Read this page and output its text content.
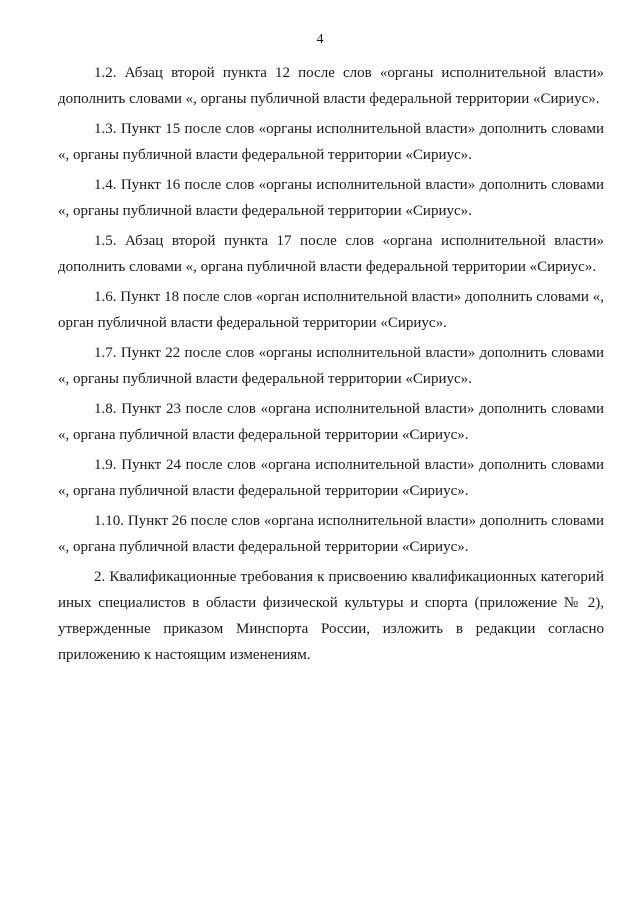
4

1.2. Абзац второй пункта 12 после слов «органы исполнительной власти» дополнить словами «, органы публичной власти федеральной территории «Сириус».

1.3. Пункт 15 после слов «органы исполнительной власти» дополнить словами «, органы публичной власти федеральной территории «Сириус».

1.4. Пункт 16 после слов «органы исполнительной власти» дополнить словами «, органы публичной власти федеральной территории «Сириус».

1.5. Абзац второй пункта 17 после слов «органа исполнительной власти» дополнить словами «, органа публичной власти федеральной территории «Сириус».

1.6. Пункт 18 после слов «орган исполнительной власти» дополнить словами «, орган публичной власти федеральной территории «Сириус».

1.7. Пункт 22 после слов «органы исполнительной власти» дополнить словами «, органы публичной власти федеральной территории «Сириус».

1.8. Пункт 23 после слов «органа исполнительной власти» дополнить словами «, органа публичной власти федеральной территории «Сириус».

1.9. Пункт 24 после слов «органа исполнительной власти» дополнить словами «, органа публичной власти федеральной территории «Сириус».

1.10. Пункт 26 после слов «органа исполнительной власти» дополнить словами «, органа публичной власти федеральной территории «Сириус».

2. Квалификационные требования к присвоению квалификационных категорий иных специалистов в области физической культуры и спорта (приложение № 2), утвержденные приказом Минспорта России, изложить в редакции согласно приложению к настоящим изменениям.
